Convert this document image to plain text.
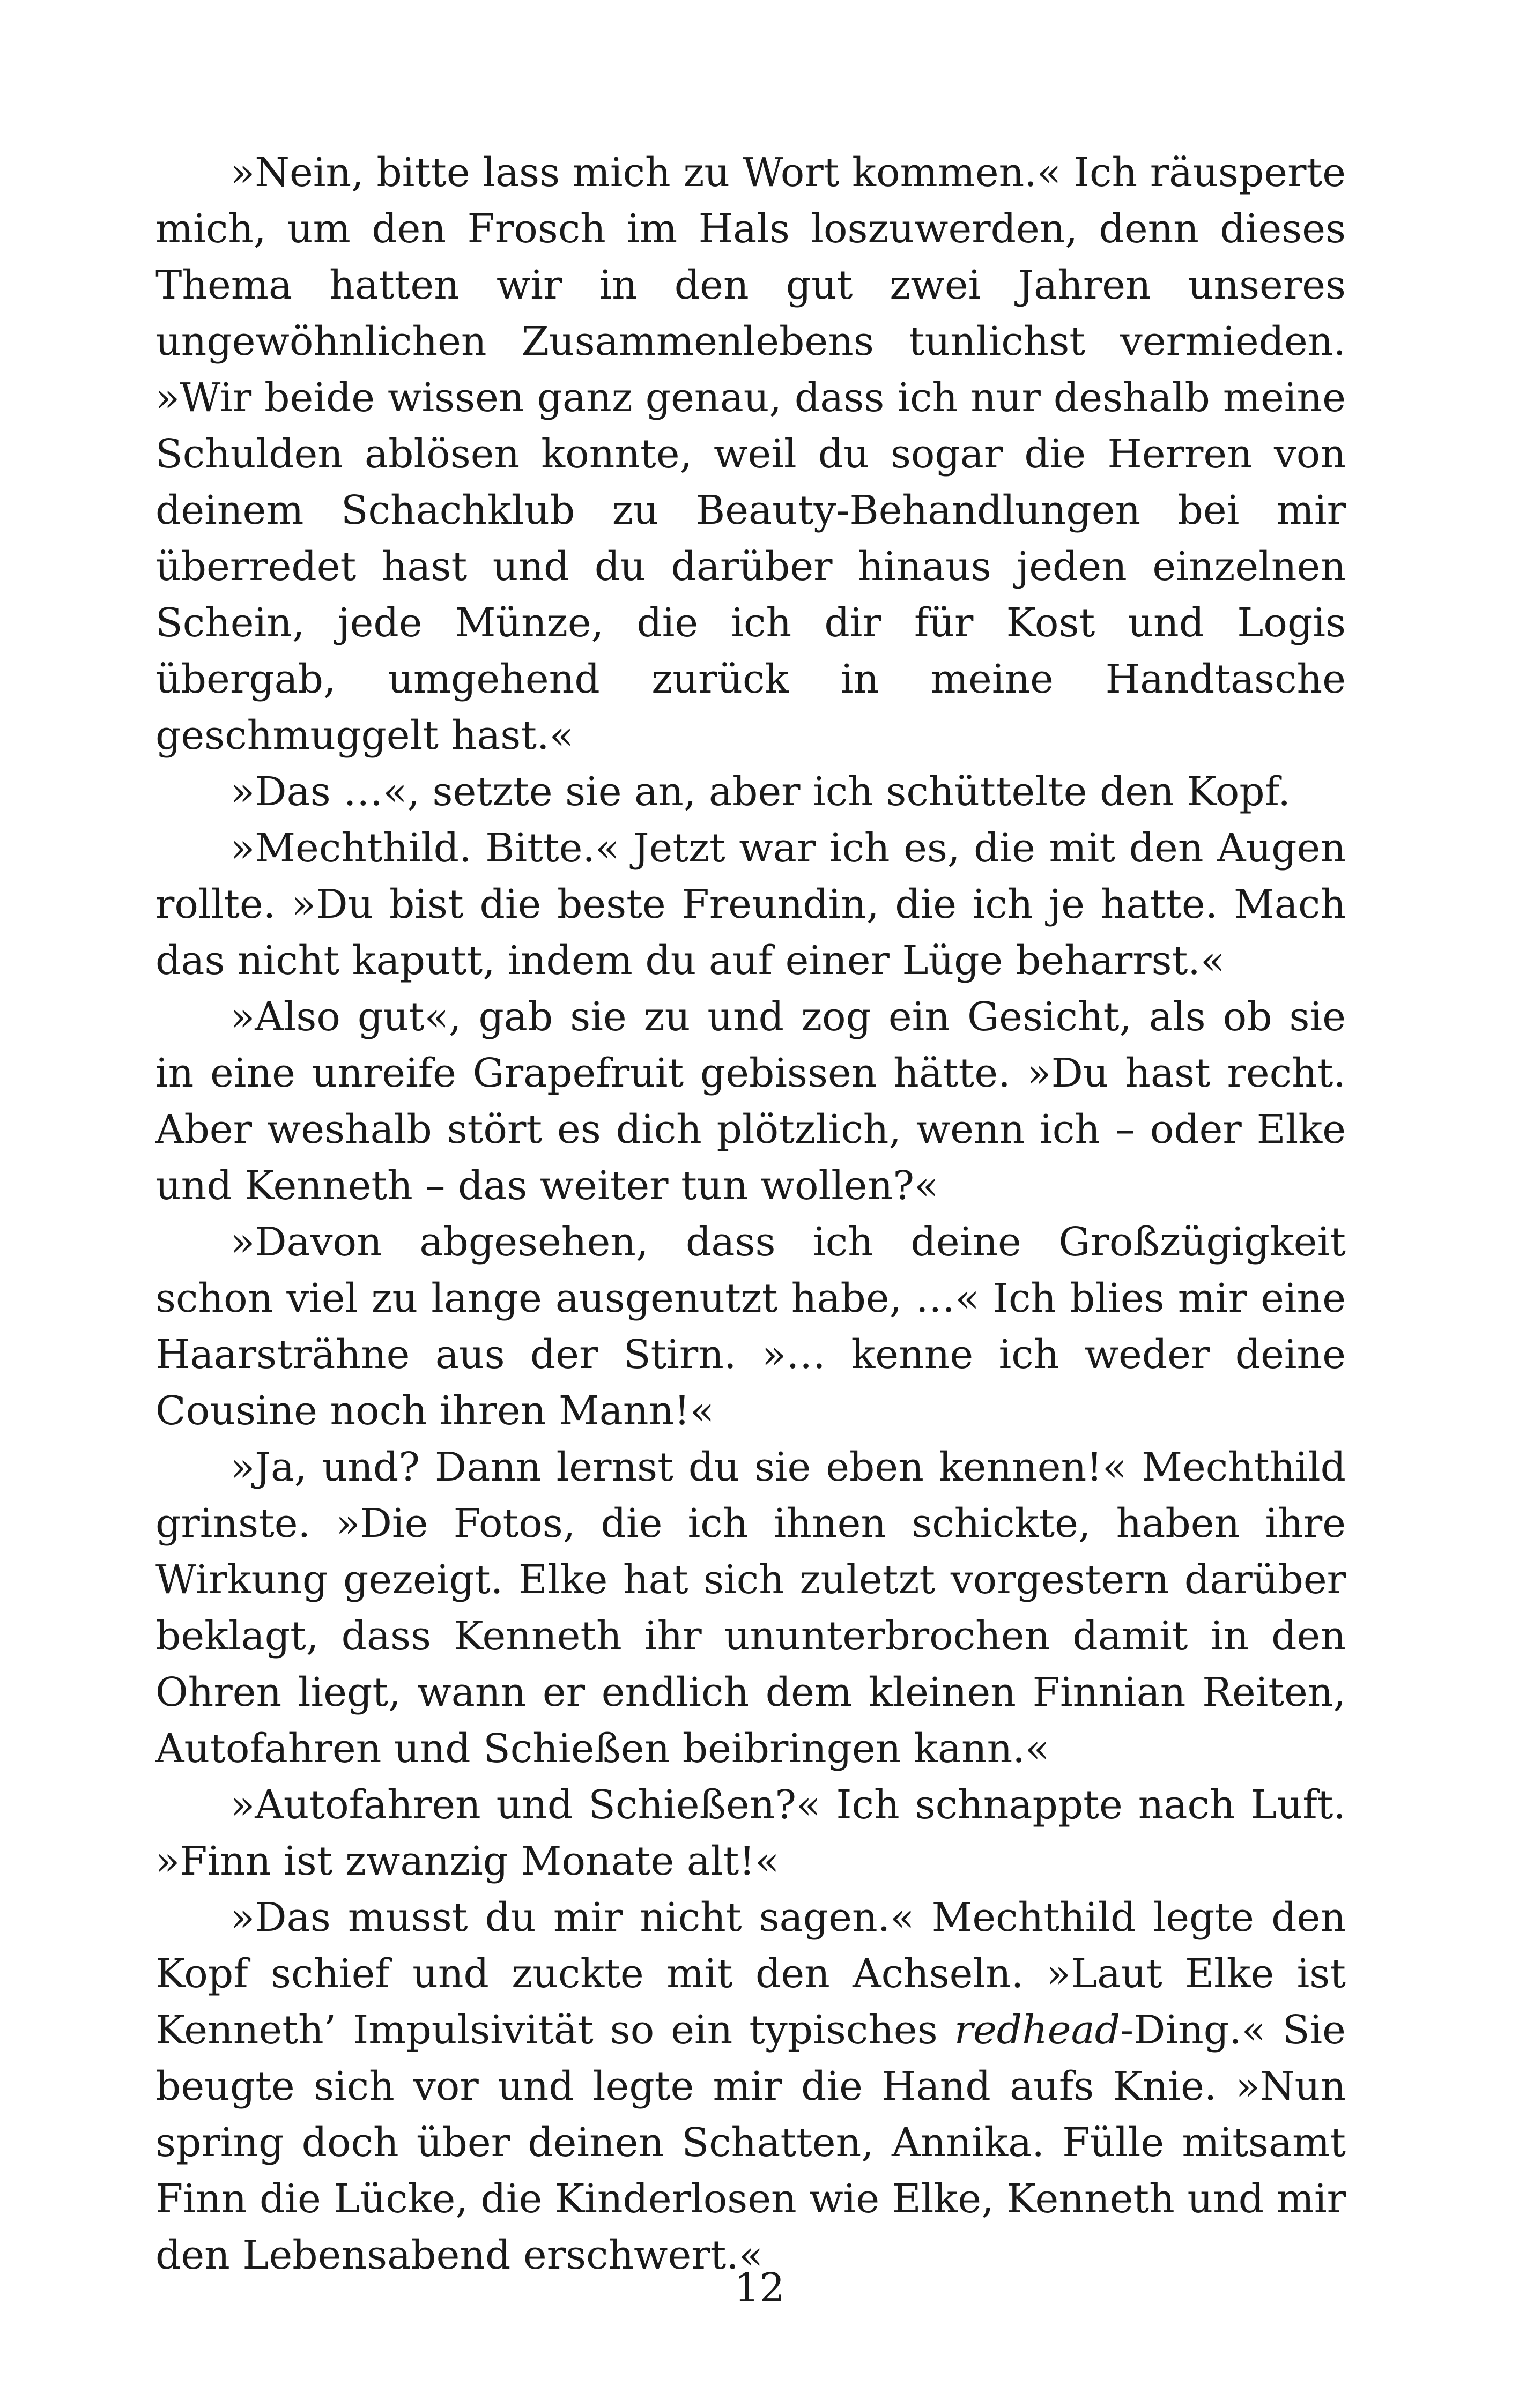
»Nein, bitte lass mich zu Wort kommen.« Ich räusperte mich, um den Frosch im Hals loszuwerden, denn dieses Thema hatten wir in den gut zwei Jahren unseres ungewöhnlichen Zusammenlebens tunlichst vermieden. »Wir beide wissen ganz genau, dass ich nur deshalb meine Schulden ablösen konnte, weil du sogar die Herren von deinem Schachklub zu Beauty-Behandlungen bei mir überredet hast und du darüber hinaus jeden einzelnen Schein, jede Münze, die ich dir für Kost und Logis übergab, umgehend zurück in meine Handtasche geschmuggelt hast.«

»Das …«, setzte sie an, aber ich schüttelte den Kopf.

»Mechthild. Bitte.« Jetzt war ich es, die mit den Augen rollte. »Du bist die beste Freundin, die ich je hatte. Mach das nicht kaputt, indem du auf einer Lüge beharrst.«

»Also gut«, gab sie zu und zog ein Gesicht, als ob sie in eine unreife Grapefruit gebissen hätte. »Du hast recht. Aber weshalb stört es dich plötzlich, wenn ich – oder Elke und Kenneth – das weiter tun wollen?«

»Davon abgesehen, dass ich deine Großzügigkeit schon viel zu lange ausgenutzt habe, …« Ich blies mir eine Haarsträhne aus der Stirn. »… kenne ich weder deine Cousine noch ihren Mann!«

»Ja, und? Dann lernst du sie eben kennen!« Mechthild grinste. »Die Fotos, die ich ihnen schickte, haben ihre Wirkung gezeigt. Elke hat sich zuletzt vorgestern darüber beklagt, dass Kenneth ihr ununterbrochen damit in den Ohren liegt, wann er endlich dem kleinen Finnian Reiten, Autofahren und Schießen beibringen kann.«

»Autofahren und Schießen?« Ich schnappte nach Luft. »Finn ist zwanzig Monate alt!«

»Das musst du mir nicht sagen.« Mechthild legte den Kopf schief und zuckte mit den Achseln. »Laut Elke ist Kenneth’ Impulsivität so ein typisches redhead-Ding.« Sie beugte sich vor und legte mir die Hand aufs Knie. »Nun spring doch über deinen Schatten, Annika. Fülle mitsamt Finn die Lücke, die Kinderlosen wie Elke, Kenneth und mir den Lebensabend erschwert.«

12
